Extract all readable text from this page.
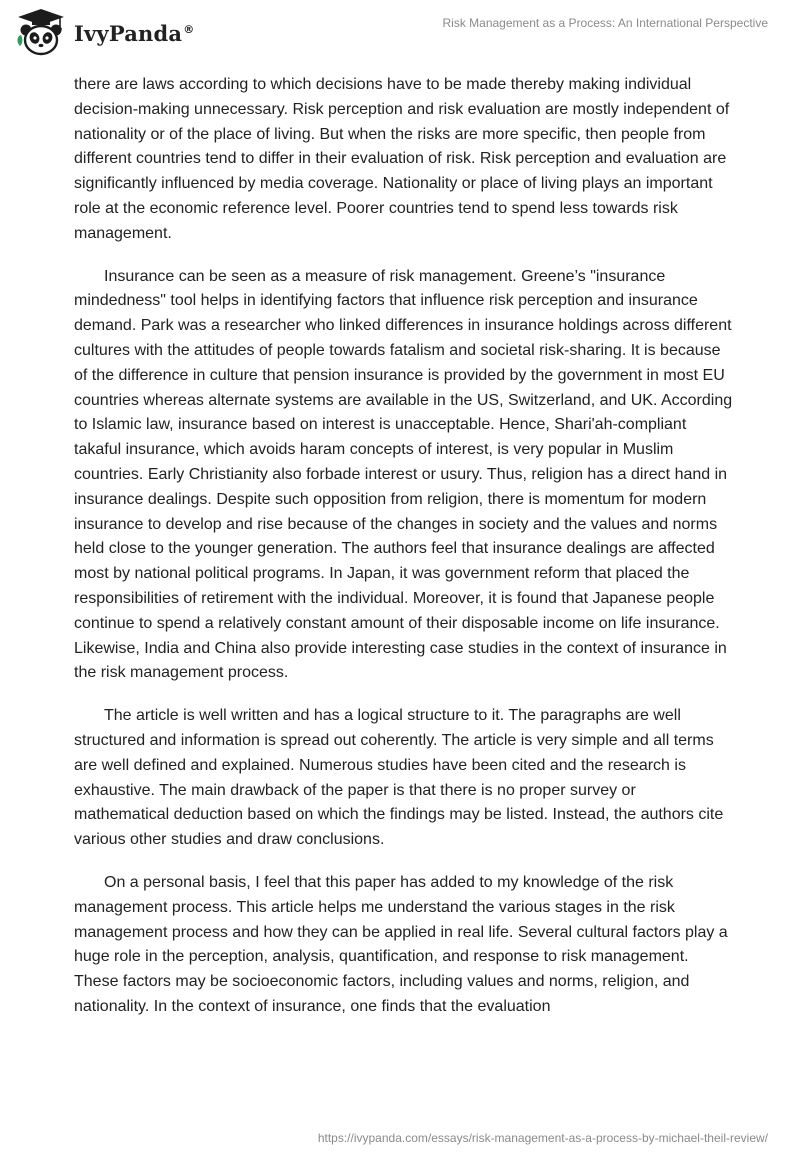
IvyPanda®	Risk Management as a Process: An International Perspective

there are laws according to which decisions have to be made thereby making individual decision-making unnecessary. Risk perception and risk evaluation are mostly independent of nationality or of the place of living. But when the risks are more specific, then people from different countries tend to differ in their evaluation of risk. Risk perception and evaluation are significantly influenced by media coverage. Nationality or place of living plays an important role at the economic reference level. Poorer countries tend to spend less towards risk management.

Insurance can be seen as a measure of risk management. Greene’s "insurance mindedness" tool helps in identifying factors that influence risk perception and insurance demand. Park was a researcher who linked differences in insurance holdings across different cultures with the attitudes of people towards fatalism and societal risk-sharing. It is because of the difference in culture that pension insurance is provided by the government in most EU countries whereas alternate systems are available in the US, Switzerland, and UK. According to Islamic law, insurance based on interest is unacceptable. Hence, Shari'ah-compliant takaful insurance, which avoids haram concepts of interest, is very popular in Muslim countries. Early Christianity also forbade interest or usury. Thus, religion has a direct hand in insurance dealings. Despite such opposition from religion, there is momentum for modern insurance to develop and rise because of the changes in society and the values and norms held close to the younger generation. The authors feel that insurance dealings are affected most by national political programs. In Japan, it was government reform that placed the responsibilities of retirement with the individual. Moreover, it is found that Japanese people continue to spend a relatively constant amount of their disposable income on life insurance. Likewise, India and China also provide interesting case studies in the context of insurance in the risk management process.

The article is well written and has a logical structure to it. The paragraphs are well structured and information is spread out coherently. The article is very simple and all terms are well defined and explained. Numerous studies have been cited and the research is exhaustive. The main drawback of the paper is that there is no proper survey or mathematical deduction based on which the findings may be listed. Instead, the authors cite various other studies and draw conclusions.

On a personal basis, I feel that this paper has added to my knowledge of the risk management process. This article helps me understand the various stages in the risk management process and how they can be applied in real life. Several cultural factors play a huge role in the perception, analysis, quantification, and response to risk management. These factors may be socioeconomic factors, including values and norms, religion, and nationality. In the context of insurance, one finds that the evaluation

https://ivypanda.com/essays/risk-management-as-a-process-by-michael-theil-review/
